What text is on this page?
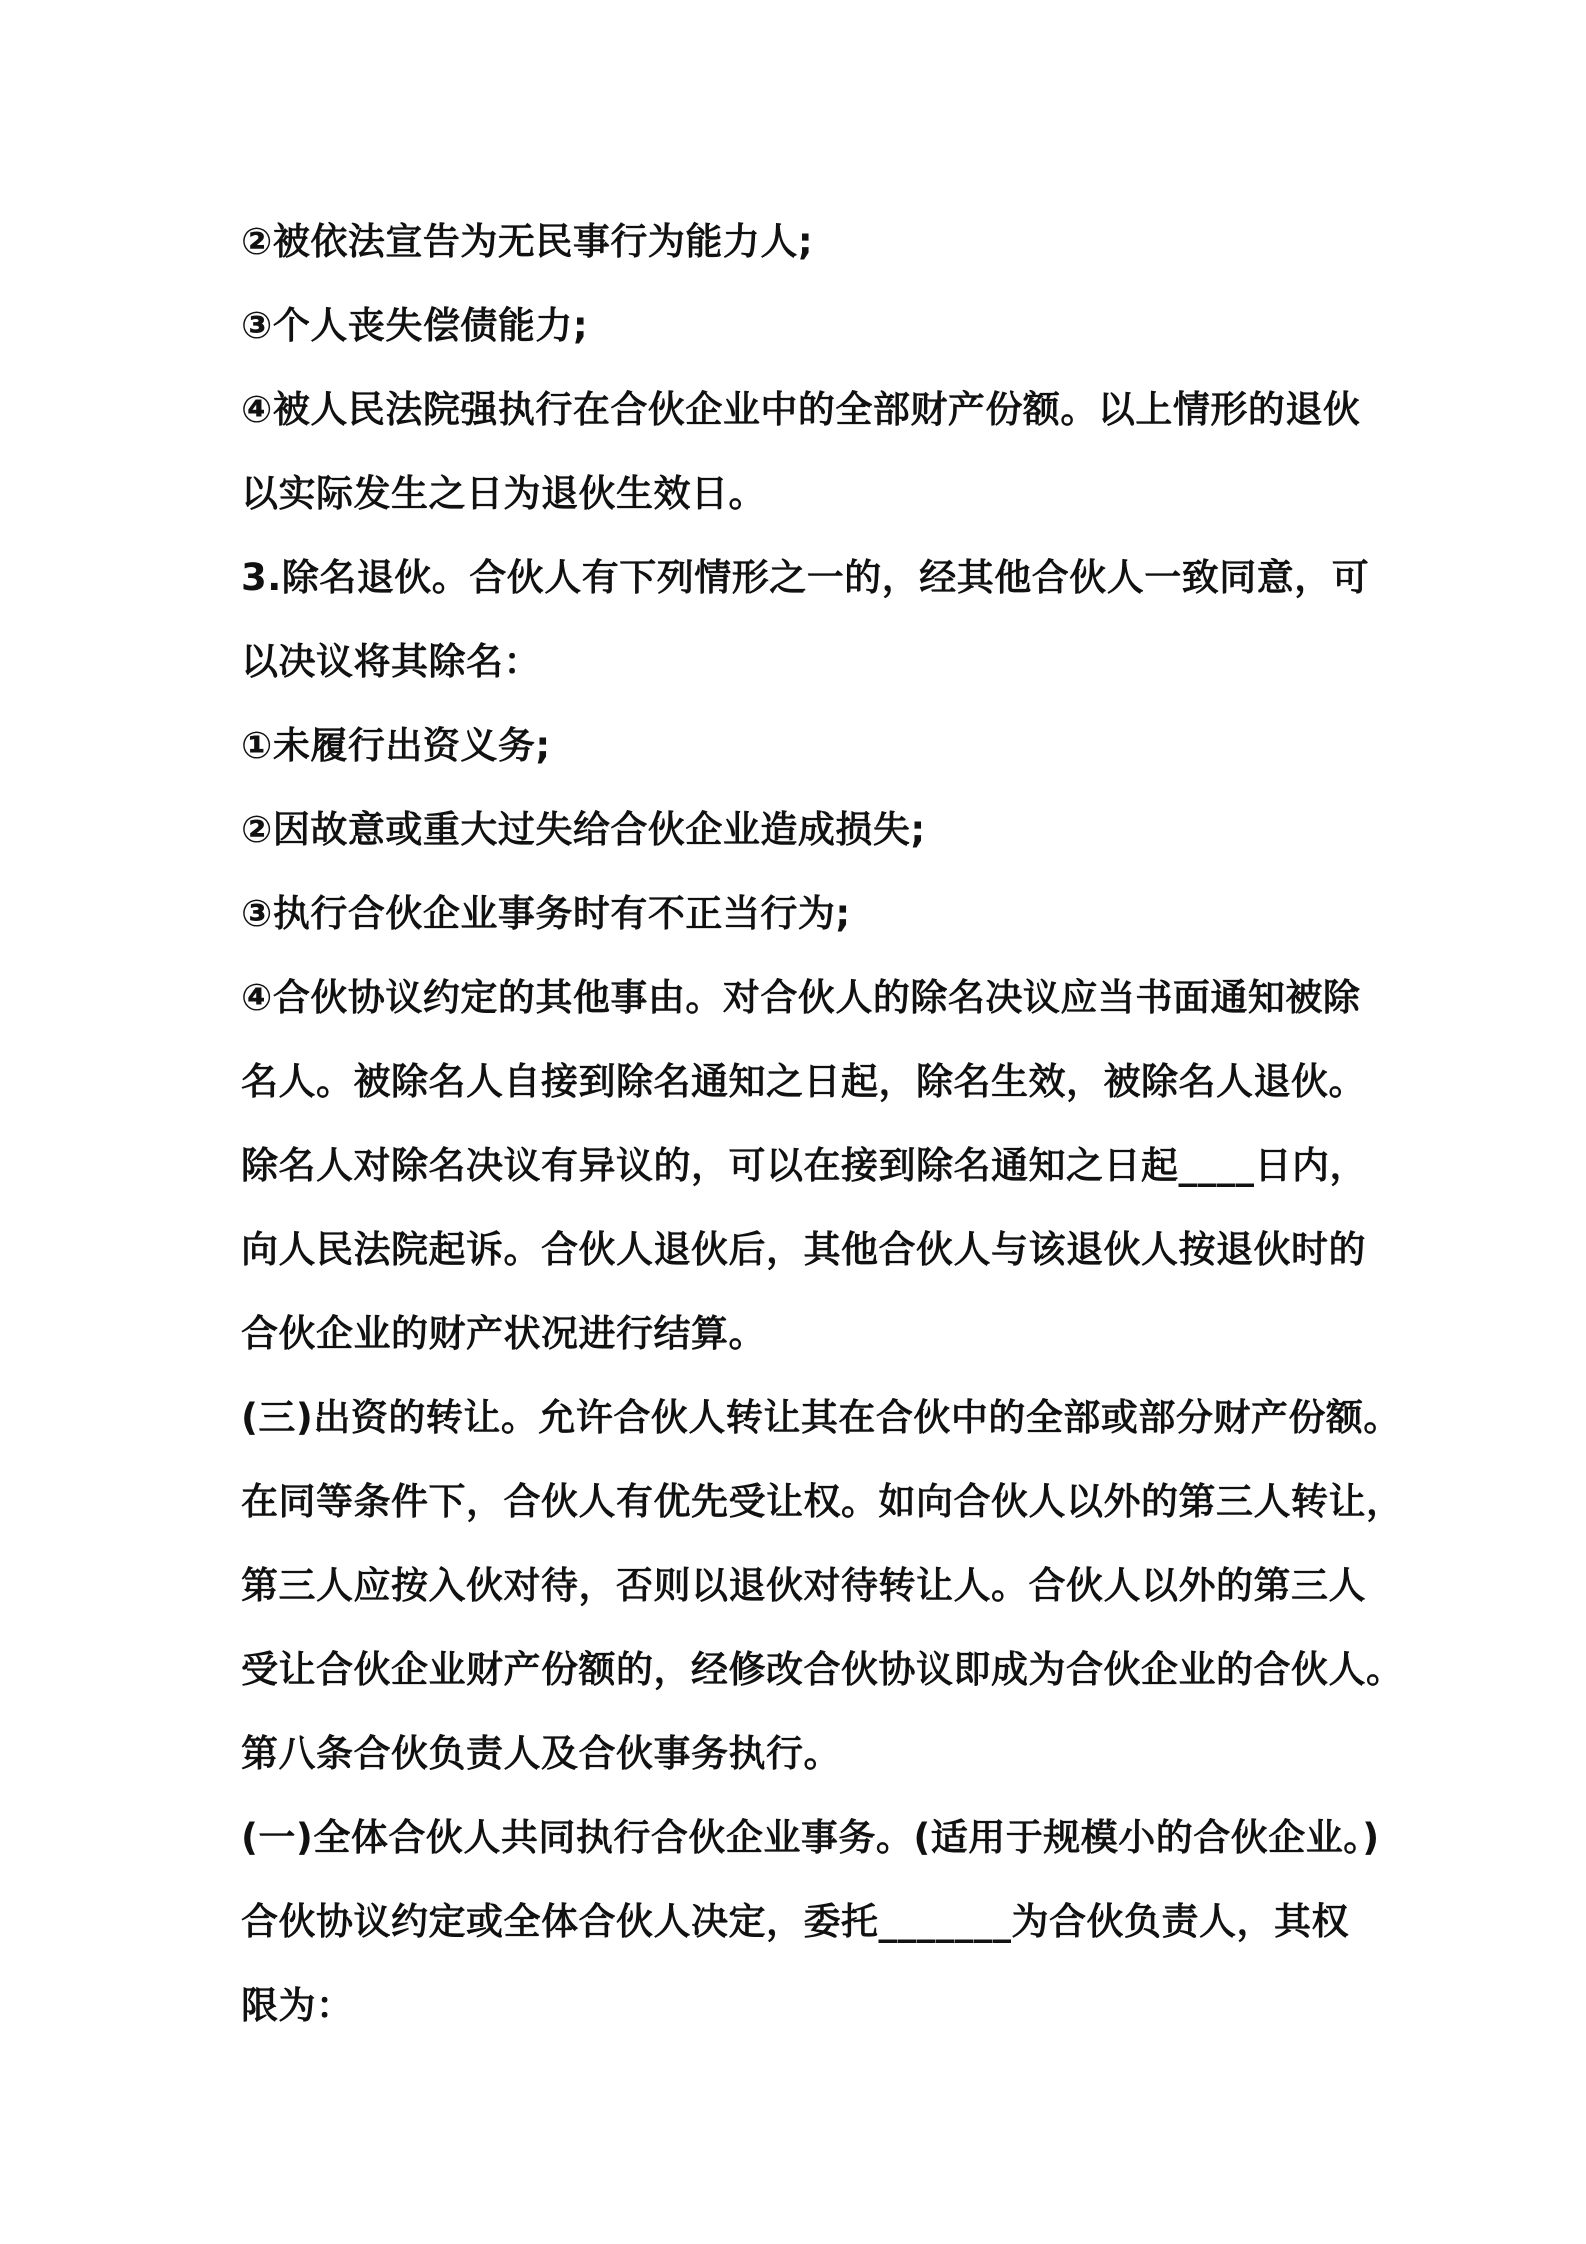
②被依法宣告为无民事行为能力人;
③个人丧失偿债能力;
④被人民法院强执行在合伙企业中的全部财产份额。以上情形的退伙
以实际发生之日为退伙生效日。
3.除名退伙。合伙人有下列情形之一的，经其他合伙人一致同意，可
以决议将其除名：
①未履行出资义务;
②因故意或重大过失给合伙企业造成损失;
③执行合伙企业事务时有不正当行为;
④合伙协议约定的其他事由。对合伙人的除名决议应当书面通知被除
名人。被除名人自接到除名通知之日起，除名生效，被除名人退伙。
除名人对除名决议有异议的，可以在接到除名通知之日起____日内，
向人民法院起诉。合伙人退伙后，其他合伙人与该退伙人按退伙时的
合伙企业的财产状况进行结算。
(三)出资的转让。允许合伙人转让其在合伙中的全部或部分财产份额。
在同等条件下，合伙人有优先受让权。如向合伙人以外的第三人转让，
第三人应按入伙对待，否则以退伙对待转让人。合伙人以外的第三人
受让合伙企业财产份额的，经修改合伙协议即成为合伙企业的合伙人。
第八条合伙负责人及合伙事务执行。
(一)全体合伙人共同执行合伙企业事务。(适用于规模小的合伙企业。)
合伙协议约定或全体合伙人决定，委托_______为合伙负责人，其权
限为：
